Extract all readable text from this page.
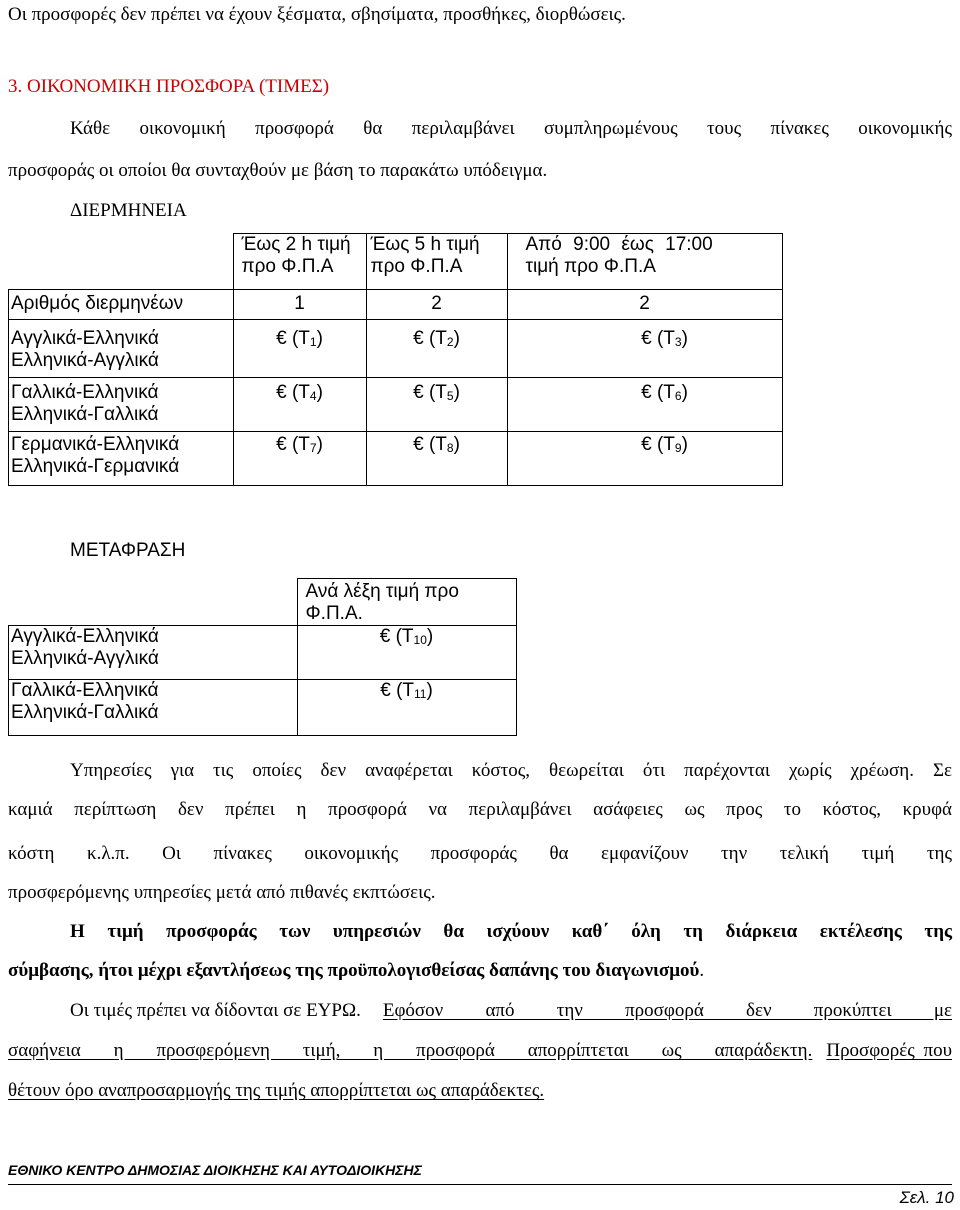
Οι προσφορές δεν πρέπει να έχουν ξέσματα, σβησίματα, προσθήκες, διορθώσεις.
3. ΟΙΚΟΝΟΜΙΚΗ ΠΡΟΣΦΟΡΑ (ΤΙΜΕΣ)
Κάθε οικονομική προσφορά θα περιλαμβάνει συμπληρωμένους τους πίνακες οικονομικής
προσφοράς οι οποίοι θα συνταχθούν με βάση το παρακάτω υπόδειγμα.
ΔΙΕΡΜΗΝΕΙΑ

	Έως 2 h τιμή
προ Φ.Π.Α	Έως 5 h τιμή
προ Φ.Π.Α	Από 9:00 έως 17:00
τιμή προ Φ.Π.Α

Αριθμός διερμηνέων	1	2	2

Αγγλικά-Ελληνικά
Ελληνικά-Αγγλικά	€ (Τ1)	€ (Τ2)	€ (Τ3)

Γαλλικά-Ελληνικά
Ελληνικά-Γαλλικά	€ (Τ4)	€ (Τ5)	€ (Τ6)

Γερμανικά-Ελληνικά
Ελληνικά-Γερμανικά	€ (Τ7)	€ (Τ8)	€ (Τ9)
ΜΕΤΑΦΡΑΣΗ
	Ανά λέξη τιμή προ Φ.Π.Α.

Αγγλικά-Ελληνικά
Ελληνικά-Αγγλικά	€ (Τ10)

Γαλλικά-Ελληνικά
Ελληνικά-Γαλλικά	€ (Τ11)
Υπηρεσίες για τις οποίες δεν αναφέρεται κόστος, θεωρείται ότι παρέχονται χωρίς χρέωση. Σε
καμιά περίπτωση δεν πρέπει η προσφορά να περιλαμβάνει ασάφειες ως προς το κόστος, κρυφά
κόστη κ.λ.π. Οι πίνακες οικονομικής προσφοράς θα εμφανίζουν την τελική τιμή της
προσφερόμενης υπηρεσίες μετά από πιθανές εκπτώσεις.
Η τιμή προσφοράς των υπηρεσιών θα ισχύουν καθ΄ όλη τη διάρκεια εκτέλεσης της
σύμβασης, ήτοι μέχρι εξαντλήσεως της προϋπολογισθείσας δαπάνης του διαγωνισμού.
Οι τιμές πρέπει να δίδονται σε ΕΥΡΩ. Εφόσον από την προσφορά δεν προκύπτει με
σαφήνεια η προσφερόμενη τιμή, η προσφορά απορρίπτεται ως απαράδεκτη. Προσφορές που
θέτουν όρο αναπροσαρμογής της τιμής απορρίπτεται ως απαράδεκτες.
ΕΘΝΙΚΟ ΚΕΝΤΡΟ ΔΗΜΟΣΙΑΣ ΔΙΟΙΚΗΣΗΣ ΚΑΙ ΑΥΤΟΔΙΟΙΚΗΣΗΣ
Σελ. 10
